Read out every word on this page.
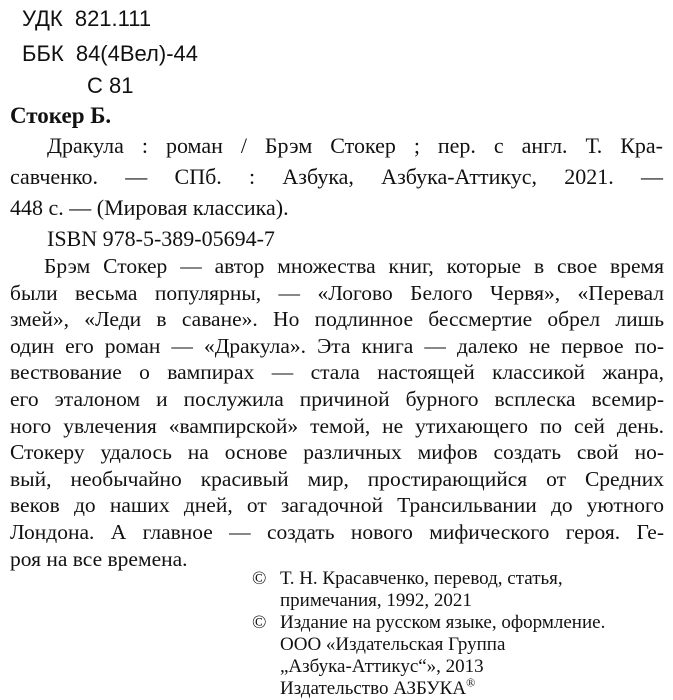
УДК 821.111
ББК 84(4Вел)-44
С 81
Стокер Б.
Дракула : роман / Брэм Стокер ; пер. с англ. Т. Кра-
савченко. — СПб. : Азбука, Азбука-Аттикус, 2021. —
448 с. — (Мировая классика).
ISBN 978-5-389-05694-7
Брэм Стокер — автор множества книг, которые в свое время
были весьма популярны, — «Логово Белого Червя», «Перевал
змей», «Леди в саване». Но подлинное бессмертие обрел лишь
один его роман — «Дракула». Эта книга — далеко не первое по-
вествование о вампирах — стала настоящей классикой жанра,
его эталоном и послужила причиной бурного всплеска всемир-
ного увлечения «вампирской» темой, не утихающего по сей день.
Стокеру удалось на основе различных мифов создать свой но-
вый, необычайно красивый мир, простирающийся от Средних
веков до наших дней, от загадочной Трансильвании до уютного
Лондона. А главное — создать нового мифического героя. Ге-
роя на все времена.
© Т. Н. Красавченко, перевод, статья,
примечания, 1992, 2021
© Издание на русском языке, оформление.
ООО «Издательская Группа
„Азбука-Аттикус“», 2013
Издательство АЗБУКА®
